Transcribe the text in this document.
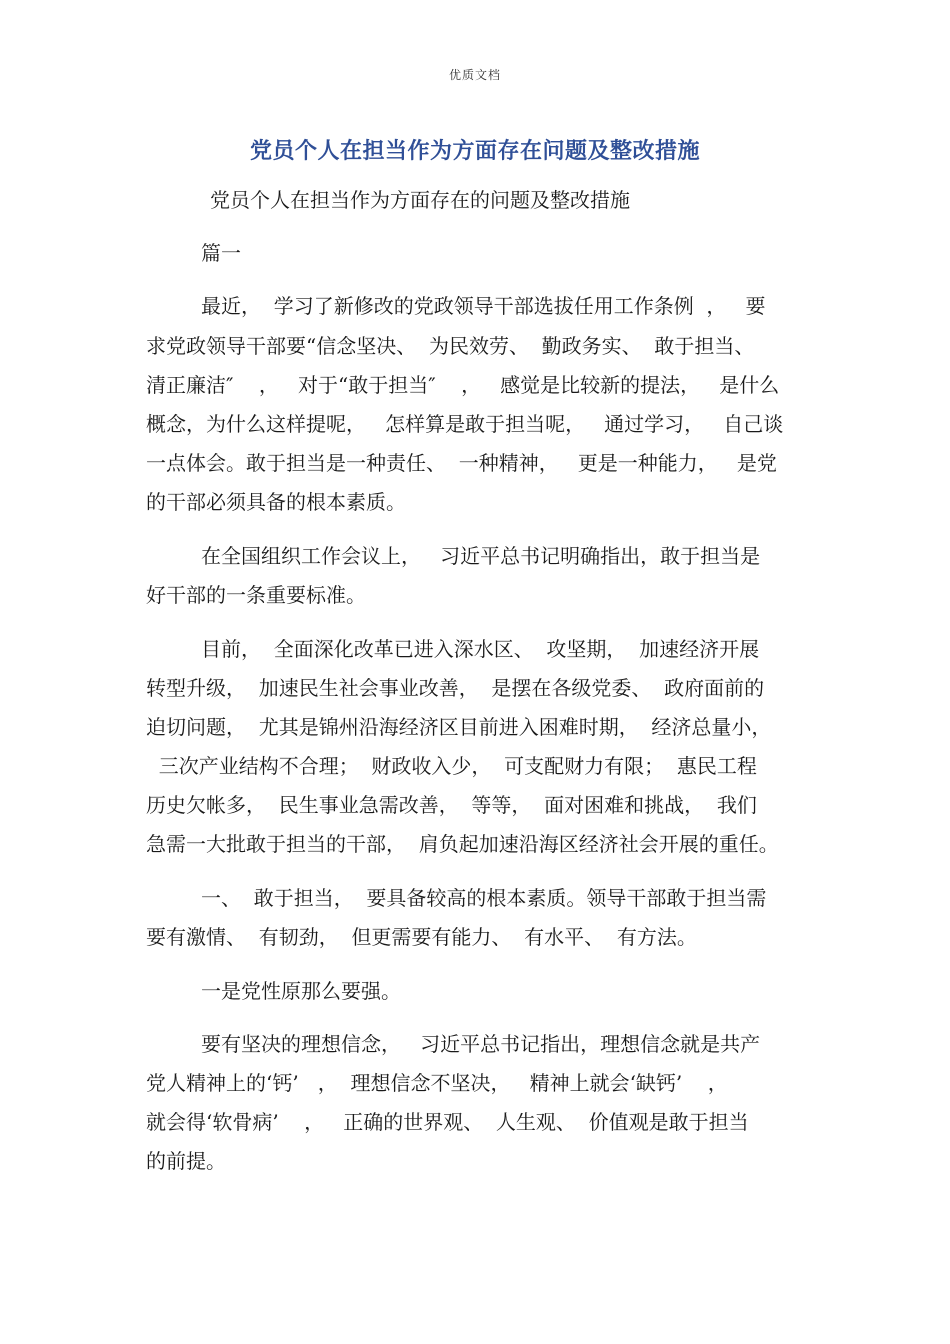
优质文档
党员个人在担当作为方面存在问题及整改措施
党员个人在担当作为方面存在的问题及整改措施
篇一
最近，  学习了新修改的党政领导干部选拔任用工作条例  ，   要
求党政领导干部要“信念坚决、  为民效劳、  勤政务实、  敢于担当、
清正廉洁″    ，   对于“敢于担当″    ，   感觉是比较新的提法，   是什么
概念，为什么这样提呢，   怎样算是敢于担当呢，   通过学习，   自己谈
一点体会。敢于担当是一种责任、  一种精神，   更是一种能力，   是党
的干部必须具备的根本素质。
在全国组织工作会议上，   习近平总书记明确指出，敢于担当是
好干部的一条重要标准。
目前，  全面深化改革已进入深水区、  攻坚期，  加速经济开展
转型升级，  加速民生社会事业改善，  是摆在各级党委、  政府面前的
迫切问题，  尤其是锦州沿海经济区目前进入困难时期，  经济总量小，
三次产业结构不合理；  财政收入少，  可支配财力有限；  惠民工程
历史欠帐多，  民生事业急需改善，  等等，  面对困难和挑战，  我们
急需一大批敢于担当的干部，  肩负起加速沿海区经济社会开展的重任。
一、  敢于担当，  要具备较高的根本素质。领导干部敢于担当需
要有激情、  有韧劲，  但更需要有能力、  有水平、  有方法。
一是党性原那么要强。
要有坚决的理想信念，   习近平总书记指出，理想信念就是共产
党人精神上的‘钙’   ，  理想信念不坚决，   精神上就会‘缺钙’    ，
就会得‘软骨病’    ，   正确的世界观、  人生观、  价值观是敢于担当
的前提。
